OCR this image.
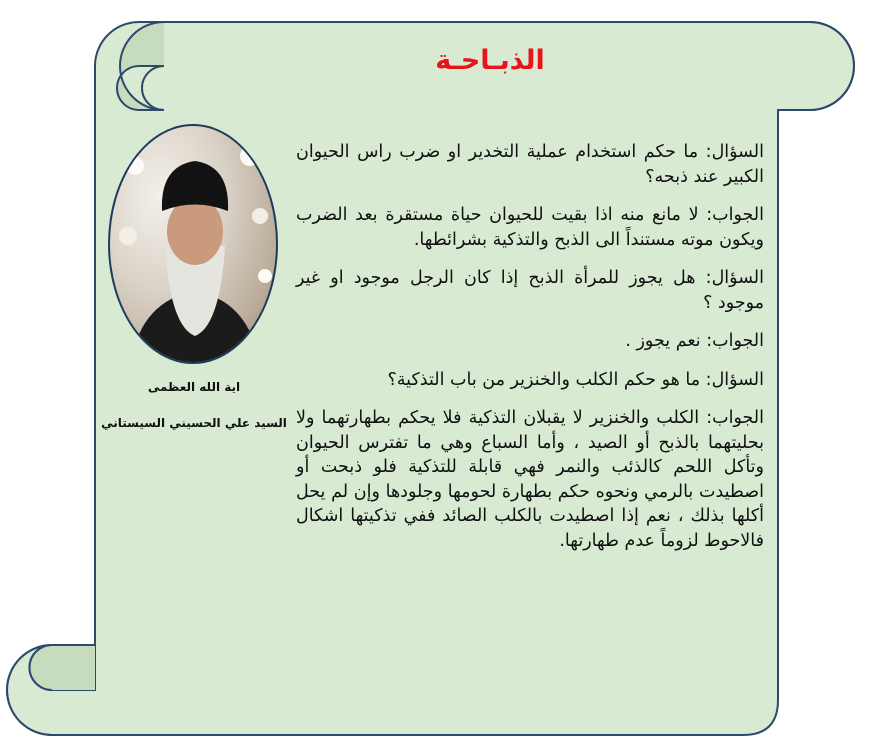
الذبـاحـة

اية الله العظمى

السيد علي الحسيني السيستاني

السؤال: ما حكم استخدام عملية التخدير او ضرب راس الحيوان الكبير عند ذبحه؟

الجواب: لا مانع منه اذا بقيت للحيوان حياة مستقرة بعد الضرب ويكون موته مستنداً الى الذبح والتذكية بشرائطها.

السؤال: هل يجوز للمرأة الذبح إذا كان الرجل موجود او غير موجود ؟

الجواب: نعم يجوز .

السؤال: ما هو حكم الكلب والخنزير من باب التذكية؟

الجواب: الكلب والخنزير لا يقبلان التذكية فلا يحكم بطهارتهما ولا بحليتهما بالذبح أو الصيد ، وأما السباع وهي ما تفترس الحيوان وتأكل اللحم كالذئب والنمر فهي قابلة للتذكية فلو ذبحت أو اصطيدت بالرمي ونحوه حكم بطهارة لحومها وجلودها وإن لم يحل أكلها بذلك ، نعم إذا اصطيدت بالكلب الصائد ففي تذكيتها اشكال فالاحوط لزوماً عدم طهارتها.
